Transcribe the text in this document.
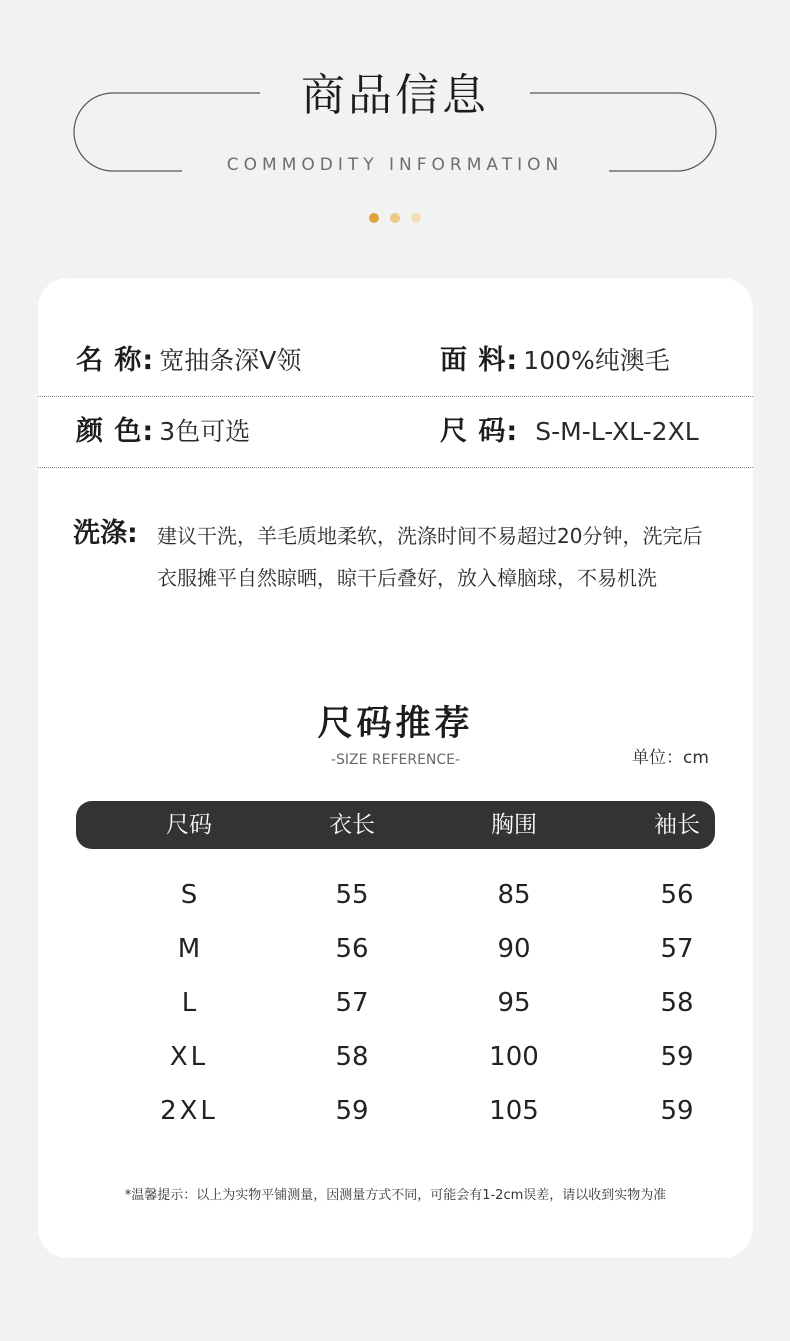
商品信息
COMMODITY INFORMATION
名 称: 宽抽条深V领	面 料: 100%纯澳毛
颜 色: 3色可选	尺 码: S-M-L-XL-2XL
洗涤: 建议干洗，羊毛质地柔软，洗涤时间不易超过20分钟，洗完后
衣服摊平自然晾晒，晾干后叠好，放入樟脑球，不易机洗
尺码推荐
-SIZE REFERENCE-	单位：cm
尺码	衣长	胸围	袖长
S	55	85	56
M	56	90	57
L	57	95	58
XL	58	100	59
2XL	59	105	59
*温馨提示：以上为实物平铺测量，因测量方式不同，可能会有1-2cm误差，请以收到实物为准
